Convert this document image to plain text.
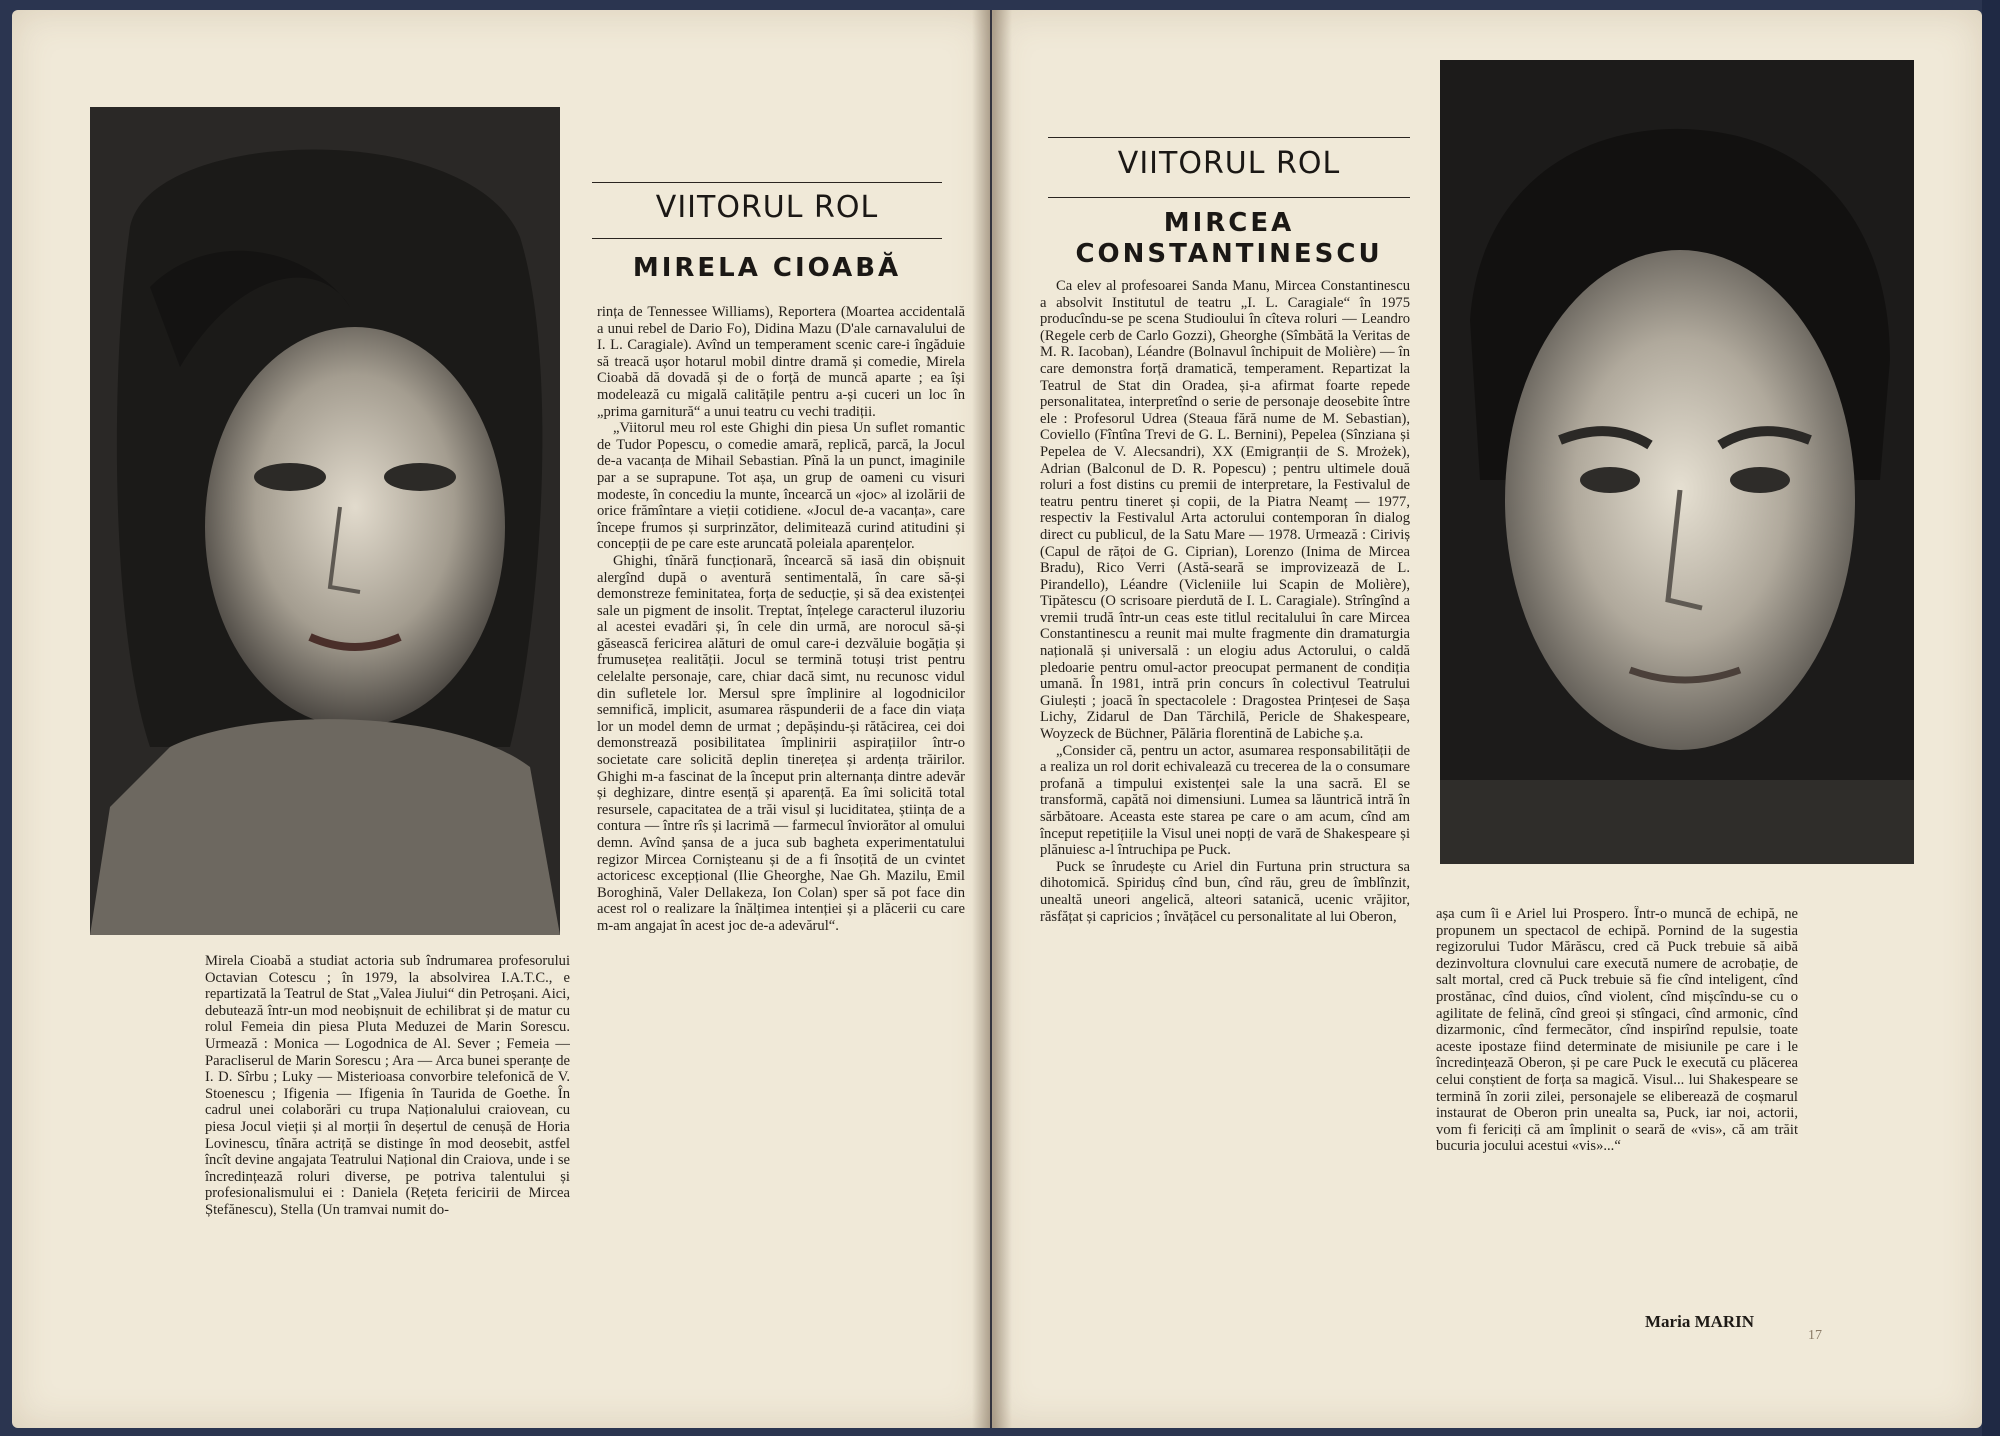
VIITORUL ROL
MIRELA CIOABĂ

Mirela Cioabă a studiat actoria sub îndrumarea profesorului Octavian Cotescu ; în 1979, la absolvirea I.A.T.C., e repartizată la Teatrul de Stat „Valea Jiului“ din Petroșani. Aici, debutează într-un mod neobișnuit de echilibrat și de matur cu rolul Femeia din piesa Pluta Meduzei de Marin Sorescu. Urmează : Monica — Logodnica de Al. Sever ; Femeia — Paracliserul de Marin Sorescu ; Ara — Arca bunei speranțe de I. D. Sîrbu ; Luky — Misterioasa convorbire telefonică de V. Stoenescu ; Ifigenia — Ifigenia în Taurida de Goethe. În cadrul unei colaborări cu trupa Naționalului craiovean, cu piesa Jocul vieții și al morții în deșertul de cenușă de Horia Lovinescu, tînăra actriță se distinge în mod deosebit, astfel încît devine angajata Teatrului Național din Craiova, unde i se încredințează roluri diverse, pe potriva talentului și profesionalismului ei : Daniela (Rețeta fericirii de Mircea Ștefănescu), Stella (Un tramvai numit do-

rința de Tennessee Williams), Reportera (Moartea accidentală a unui rebel de Dario Fo), Didina Mazu (D'ale carnavalului de I. L. Caragiale). Avînd un temperament scenic care-i îngăduie să treacă ușor hotarul mobil dintre dramă și comedie, Mirela Cioabă dă dovadă și de o forță de muncă aparte ; ea își modelează cu migală calitățile pentru a-și cuceri un loc în „prima garnitură“ a unui teatru cu vechi tradiții.

„Viitorul meu rol este Ghighi din piesa Un suflet romantic de Tudor Popescu, o comedie amară, replică, parcă, la Jocul de-a vacanța de Mihail Sebastian. Pînă la un punct, imaginile par a se suprapune. Tot așa, un grup de oameni cu visuri modeste, în concediu la munte, încearcă un «joc» al izolării de orice frămîntare a vieții cotidiene. «Jocul de-a vacanța», care începe frumos și surprinzător, delimitează curind atitudini și concepții de pe care este aruncată poleiala aparențelor.

Ghighi, tînără funcționară, încearcă să iasă din obișnuit alergînd după o aventură sentimentală, în care să-și demonstreze feminitatea, forța de seducție, și să dea existenței sale un pigment de insolit. Treptat, înțelege caracterul iluzoriu al acestei evadări și, în cele din urmă, are norocul să-și găsească fericirea alături de omul care-i dezvăluie bogăția și frumusețea realității. Jocul se termină totuși trist pentru celelalte personaje, care, chiar dacă simt, nu recunosc vidul din sufletele lor. Mersul spre împlinire al logodnicilor semnifică, implicit, asumarea răspunderii de a face din viața lor un model demn de urmat ; depășindu-și rătăcirea, cei doi demonstrează posibilitatea împlinirii aspirațiilor într-o societate care solicită deplin tinerețea și ardența trăirilor. Ghighi m-a fascinat de la început prin alternanța dintre adevăr și deghizare, dintre esență și aparență. Ea îmi solicită total resursele, capacitatea de a trăi visul și luciditatea, știința de a contura — între rîs și lacrimă — farmecul înviorător al omului demn. Avînd șansa de a juca sub bagheta experimentatului regizor Mircea Cornișteanu și de a fi însoțită de un cvintet actoricesc excepțional (Ilie Gheorghe, Nae Gh. Mazilu, Emil Boroghină, Valer Dellakeza, Ion Colan) sper să pot face din acest rol o realizare la înălțimea intenției și a plăcerii cu care m-am angajat în acest joc de-a adevărul“.

VIITORUL ROL
MIRCEA
CONSTANTINESCU

Ca elev al profesoarei Sanda Manu, Mircea Constantinescu a absolvit Institutul de teatru „I. L. Caragiale“ în 1975 producîndu-se pe scena Studioului în cîteva roluri — Leandro (Regele cerb de Carlo Gozzi), Gheorghe (Sîmbătă la Veritas de M. R. Iacoban), Léandre (Bolnavul închipuit de Molière) — în care demonstra forță dramatică, temperament. Repartizat la Teatrul de Stat din Oradea, și-a afirmat foarte repede personalitatea, interpretînd o serie de personaje deosebite între ele : Profesorul Udrea (Steaua fără nume de M. Sebastian), Coviello (Fîntîna Trevi de G. L. Bernini), Pepelea (Sînziana și Pepelea de V. Alecsandri), XX (Emigranții de S. Mrożek), Adrian (Balconul de D. R. Popescu) ; pentru ultimele două roluri a fost distins cu premii de interpretare, la Festivalul de teatru pentru tineret și copii, de la Piatra Neamț — 1977, respectiv la Festivalul Arta actorului contemporan în dialog direct cu publicul, de la Satu Mare — 1978. Urmează : Ciriviș (Capul de rățoi de G. Ciprian), Lorenzo (Inima de Mircea Bradu), Rico Verri (Astă-seară se improvizează de L. Pirandello), Léandre (Vicleniile lui Scapin de Molière), Tipătescu (O scrisoare pierdută de I. L. Caragiale). Strîngînd a vremii trudă într-un ceas este titlul recitalului în care Mircea Constantinescu a reunit mai multe fragmente din dramaturgia națională și universală : un elogiu adus Actorului, o caldă pledoarie pentru omul-actor preocupat permanent de condiția umană. În 1981, intră prin concurs în colectivul Teatrului Giulești ; joacă în spectacolele : Dragostea Prințesei de Sașa Lichy, Zidarul de Dan Tărchilă, Pericle de Shakespeare, Woyzeck de Büchner, Pălăria florentină de Labiche ș.a.

„Consider că, pentru un actor, asumarea responsabilității de a realiza un rol dorit echivalează cu trecerea de la o consumare profană a timpului existenței sale la una sacră. El se transformă, capătă noi dimensiuni. Lumea sa lăuntrică intră în sărbătoare. Aceasta este starea pe care o am acum, cînd am început repetițiile la Visul unei nopți de vară de Shakespeare și plănuiesc a-l întruchipa pe Puck.

Puck se înrudește cu Ariel din Furtuna prin structura sa dihotomică. Spiriduș cînd bun, cînd rău, greu de îmblînzit, unealtă uneori angelică, alteori satanică, ucenic vrăjitor, răsfățat și capricios ; învățăcel cu personalitate al lui Oberon,	așa cum îi e Ariel lui Prospero. Într-o muncă de echipă, ne propunem un spectacol de echipă. Pornind de la sugestia regizorului Tudor Mărăscu, cred că Puck trebuie să aibă dezinvoltura clovnului care execută numere de acrobație, de salt mortal, cred că Puck trebuie să fie cînd inteligent, cînd prostănac, cînd duios, cînd violent, cînd mișcîndu-se cu o agilitate de felină, cînd greoi și stîngaci, cînd armonic, cînd dizarmonic, cînd fermecător, cînd inspirînd repulsie, toate aceste ipostaze fiind determinate de misiunile pe care i le încredințează Oberon, și pe care Puck le execută cu plăcerea celui conștient de forța sa magică. Visul... lui Shakespeare se termină în zorii zilei, personajele se eliberează de coșmarul instaurat de Oberon prin unealta sa, Puck, iar noi, actorii, vom fi fericiți că am împlinit o seară de «vis», că am trăit bucuria jocului acestui «vis»...“

Maria MARIN
17
